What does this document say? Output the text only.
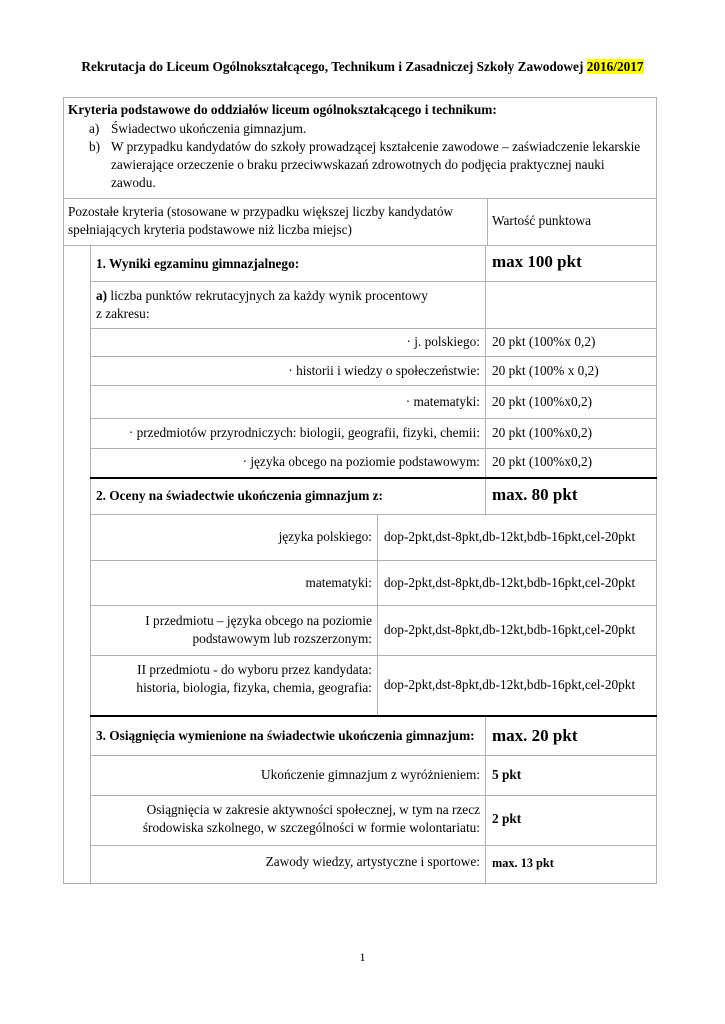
Rekrutacja do Liceum Ogólnokształcącego, Technikum i Zasadniczej Szkoły Zawodowej 2016/2017
Kryteria podstawowe do oddziałów liceum ogólnokształcącego i technikum:
a) Świadectwo ukończenia gimnazjum.
b) W przypadku kandydatów do szkoły prowadzącej kształcenie zawodowe – zaświadczenie lekarskie
zawierające orzeczenie o braku przeciwwskazań zdrowotnych do podjęcia praktycznej nauki
zawodu.
Pozostałe kryteria (stosowane w przypadku większej liczby kandydatów
spełniających kryteria podstawowe niż liczba miejsc)
Wartość punktowa
1. Wyniki egzaminu gimnazjalnego:	max 100 pkt
a) liczba punktów rekrutacyjnych za każdy wynik procentowy
z zakresu:
· j. polskiego: 20 pkt (100%x 0,2)
· historii i wiedzy o społeczeństwie: 20 pkt (100% x 0,2)
· matematyki: 20 pkt (100%x0,2)
· przedmiotów przyrodniczych: biologii, geografii, fizyki, chemii: 20 pkt (100%x0,2)
· języka obcego na poziomie podstawowym: 20 pkt (100%x0,2)
2. Oceny na świadectwie ukończenia gimnazjum z:	max. 80 pkt
języka polskiego: dop-2pkt,dst-8pkt,db-12kt,bdb-16pkt,cel-20pkt
matematyki: dop-2pkt,dst-8pkt,db-12kt,bdb-16pkt,cel-20pkt
I przedmiotu – języka obcego na poziomie
podstawowym lub rozszerzonym:
dop-2pkt,dst-8pkt,db-12kt,bdb-16pkt,cel-20pkt
II przedmiotu - do wyboru przez kandydata:
historia, biologia, fizyka, chemia, geografia: dop-2pkt,dst-8pkt,db-12kt,bdb-16pkt,cel-20pkt
3. Osiągnięcia wymienione na świadectwie ukończenia gimnazjum: max. 20 pkt
Ukończenie gimnazjum z wyróżnieniem: 5 pkt
Osiągnięcia w zakresie aktywności społecznej, w tym na rzecz
środowiska szkolnego, w szczególności w formie wolontariatu:
2 pkt
Zawody wiedzy, artystyczne i sportowe: max. 13 pkt
1
